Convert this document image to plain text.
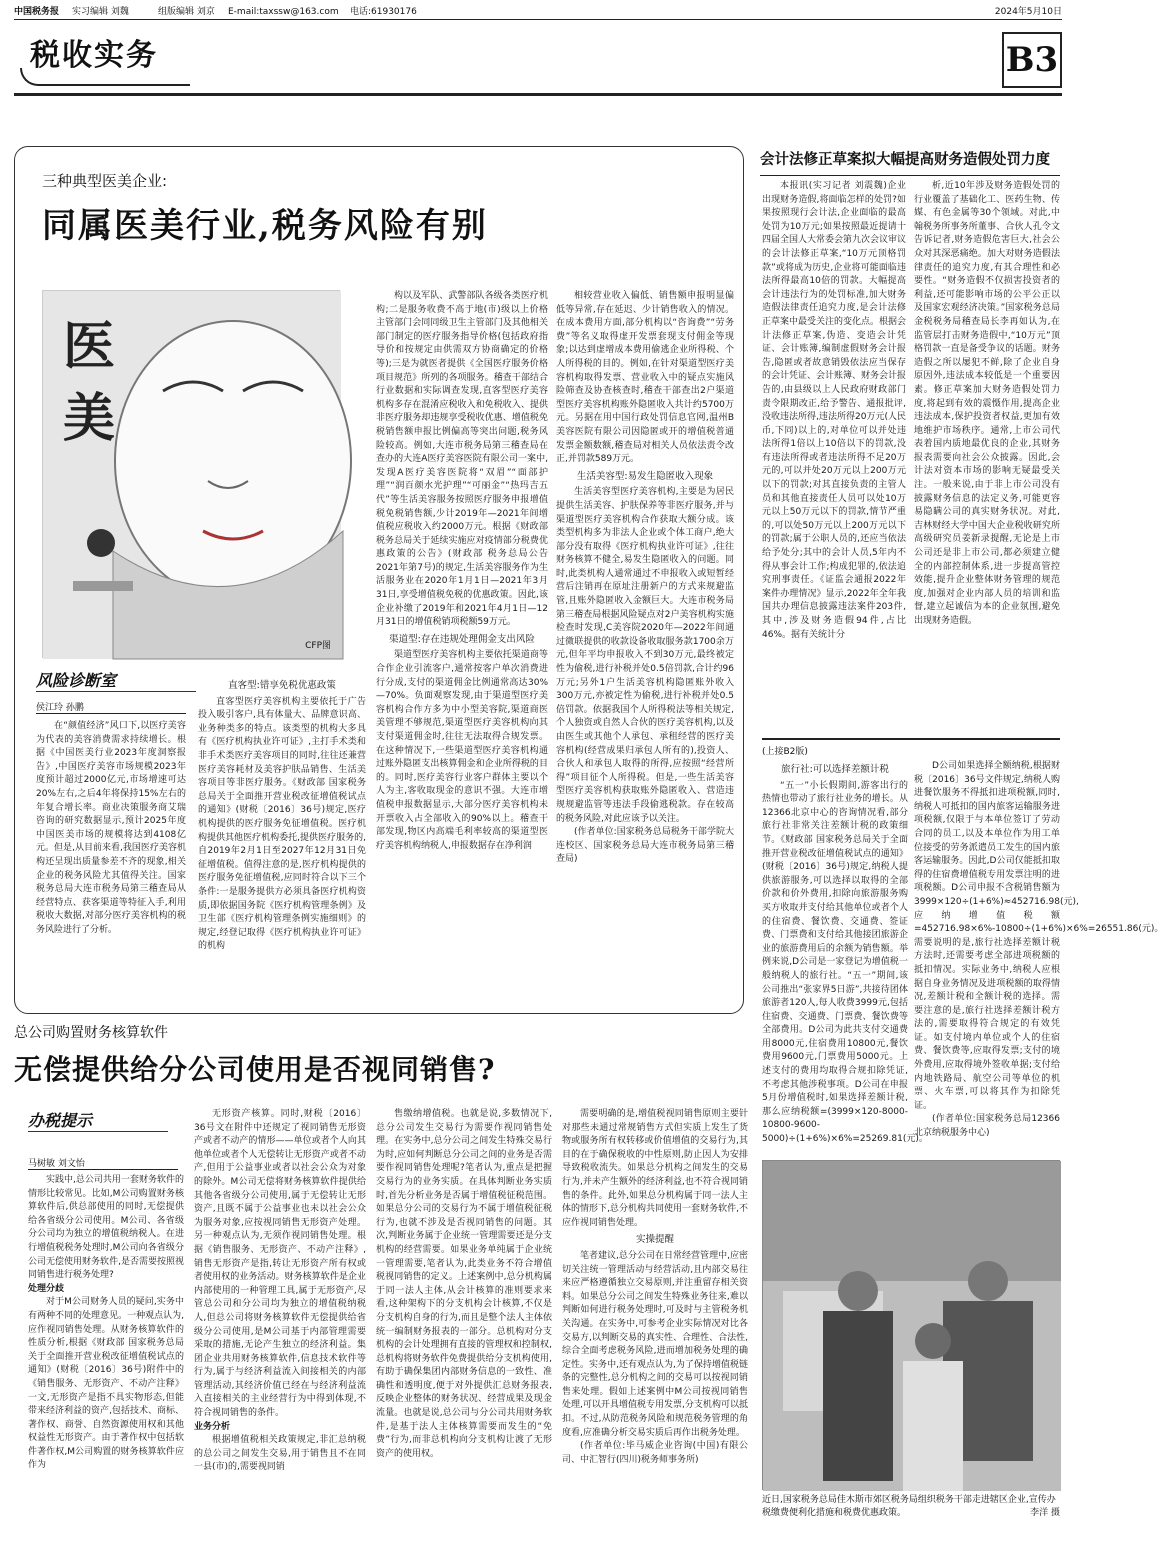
中国税务报 实习编辑 刘魏	组版编辑 刘京 E-mail:taxssw@163.com 电话:61930176	2024年5月10日
税收实务	B3
三种典型医美企业:
同属医美行业,税务风险有别
医美
CFP图
风险诊断室
侯江玲 孙鹏

在“颜值经济”风口下,以医疗美容为代表的美容消费需求持续增长。根据《中国医美行业2023年度洞察报告》,中国医疗美容市场规模2023年度预计超过2000亿元,市场增速可达20%左右,之后4年将保持15%左右的年复合增长率。商业决策服务商艾瑞咨询的研究数据显示,预计2025年度中国医美市场的规模将达到4108亿元。但是,从目前来看,我国医疗美容机构还呈现出质量参差不齐的现象,相关企业的税务风险尤其值得关注。国家税务总局大连市税务局第三稽查局从经营特点、获客渠道等特征入手,利用税收大数据,对部分医疗美容机构的税务风险进行了分析。

直客型:错享免税优惠政策

直客型医疗美容机构主要依托于广告投入吸引客户,具有体量大、品牌意识高、业务种类多的特点。该类型的机构大多具有《医疗机构执业许可证》,主打手术类和非手术类医疗美容项目的同时,往往还兼营医疗美容耗材及美容护肤品销售、生活美容项目等非医疗服务。《财政部 国家税务总局关于全面推开营业税改征增值税试点的通知》(财税〔2016〕36号)规定,医疗机构提供的医疗服务免征增值税。医疗机构提供其他医疗机构委托,提供医疗服务的,自2019年2月1日至2027年12月31日免征增值税。值得注意的是,医疗机构提供的医疗服务免征增值税,应同时符合以下三个条件:一是服务提供方必须具备医疗机构资质,即依据国务院《医疗机构管理条例》及卫生部《医疗机构管理条例实施细则》的规定,经登记取得《医疗机构执业许可证》的机构

构以及军队、武警部队各级各类医疗机构;二是服务收费不高于地(市)级以上价格主管部门会同同级卫生主管部门及其他相关部门制定的医疗服务指导价格(包括政府指导价和按规定由供需双方协商确定的价格等);三是为就医者提供《全国医疗服务价格项目规范》所列的各项服务。稽查干部结合行业数据和实际调查发现,直客型医疗美容机构多存在混淆应税收入和免税收入、提供非医疗服务却违规享受税收优惠、增值税免税销售额申报比例偏高等突出问题,税务风险较高。例如,大连市税务局第三稽查局在查办的大连A医疗美容医院有限公司一案中,发现A医疗美容医院将“双眉”“面部护理”“润百颜水光护理”“可丽金”“热玛吉五代”等生活美容服务按照医疗服务申报增值税免税销售额,少计2019年—2021年间增值税应税收入约2000万元。根据《财政部 税务总局关于延续实施应对疫情部分税费优惠政策的公告》(财政部 税务总局公告2021年第7号)的规定,生活美容服务作为生活服务业在2020年1月1日—2021年3月31日,享受增值税免税的优惠政策。因此,该企业补缴了2019年和2021年4月1日—12月31日的增值税销项税额59万元。

渠道型:存在违规处理佣金支出风险

渠道型医疗美容机构主要依托渠道商等合作企业引流客户,通常按客户单次消费进行分成,支付的渠道佣金比例通常高达30%—70%。负面观察发现,由于渠道型医疗美容机构合作方多为中小型美容院,渠道商医美管理不够规范,渠道型医疗美容机构向其支付渠道佣金时,往往无法取得合规发票。在这种情况下,一些渠道型医疗美容机构通过账外隐匿支出核算佣金和企业所得税的目的。同时,医疗美容行业客户群体主要以个人为主,客收取现金的意识不强。大连市增值税申报数据显示,大部分医疗美容机构未开票收入占全部收入的90%以上。稽查干部发现,物区内高端毛利率较高的渠道型医疗美容机构纳税人,申报数据存在净利润

相较营业收入偏低、销售额申报明显偏低等异常,存在延迟、少计销售收入的情况。在成本费用方面,部分机构以“咨询费”“劳务费”等名义取得虚开发票套现支付佣金等现象;以达到虚增成本费用偷逃企业所得税、个人所得税的目的。例如,在针对渠道型医疗美容机构取得发票、营业收入中的疑点实施风险筛查及协查核查时,稽查干部查出2户渠道型医疗美容机构账外隐匿收入共计约5700万元。另据在用中国行政处罚信息官网,温州B美容医院有限公司因隐匿或开的增值税普通发票金额数额,稽查局对相关人员依法责令改正,并罚款589万元。

生活美容型:易发生隐匿收入现象

生活美容型医疗美容机构,主要是为居民提供生活美容、护肤保养等非医疗服务,并与渠道型医疗美容机构合作获取大额分成。该类型机构多为非法人企业或个体工商户,绝大部分没有取得《医疗机构执业许可证》,往往财务核算不健全,易发生隐匿收入的问题。同时,此类机构人通常通过不申报收入或短暂经营后注销再在原址注册新户的方式来规避监管,且账外隐匿收入金额巨大。大连市税务局第三稽查局根据风险疑点对2户美容机构实施检查时发现,C美容院2020年—2022年间通过微联提供的收款设备收取服务款1700余万元,但年平均申报收入不到30万元,最终被定性为偷税,进行补税并处0.5倍罚款,合计约96万元;另外1户生活美容机构隐匿账外收入300万元,亦被定性为偷税,进行补税并处0.5倍罚款。依据我国个人所得税法等相关规定,个人独资或自然人合伙的医疗美容机构,以及由医生或其他个人承包、承租经营的医疗美容机构(经营成果归承包人所有的),投资人、合伙人和承包人取得的所得,应按照“经营所得”项目征个人所得税。但是,一些生活美容型医疗美容机构获取账外隐匿收入、营造违规规避监管等违法手段偷逃税款。存在较高的税务风险,对此应该予以关注。

(作者单位:国家税务总局税务干部学院大连校区、国家税务总局大连市税务局第三稽查局)

会计法修正草案拟大幅提高财务造假处罚力度

本报讯(实习记者 刘震魏)企业出现财务造假,将面临怎样的处罚?如果按照现行会计法,企业面临的最高处罚为10万元;如果按照最近提请十四届全国人大常委会第九次会议审议的会计法修正草案,“10万元顶格罚款”或将成为历史,企业将可能面临违法所得最高10倍的罚款。大幅提高会计违法行为的处罚标准,加大财务造假法律责任追究力度,是会计法修正草案中最受关注的变化点。根据会计法修正草案,伪造、变造会计凭证、会计账簿,编制虚假财务会计报告,隐匿或者故意销毁依法应当保存的会计凭证、会计账簿、财务会计报告的,由县级以上人民政府财政部门责令限期改正,给予警告、通报批评,没收违法所得,违法所得20万元(人民币,下同)以上的,对单位可以并处违法所得1倍以上10倍以下的罚款,没有违法所得或者违法所得不足20万元的,可以并处20万元以上200万元以下的罚款;对其直接负责的主管人员和其他直接责任人员可以处10万元以上50万元以下的罚款,情节严重的,可以处50万元以上200万元以下的罚款;属于公职人员的,还应当依法给予处分;其中的会计人员,5年内不得从事会计工作;构成犯罪的,依法追究刑事责任。《证监会通报2022年案件办理情况》显示,2022年全年我国共办理信息披露违法案件203件,其中,涉及财务造假94件,占比46%。据有关统计分

析,近10年涉及财务造假处罚的行业覆盖了基础化工、医药生物、传媒、有色金属等30个领域。对此,中翰税务所事务所董事、合伙人孔令文告诉记者,财务造假危害巨大,社会公众对其深恶痛绝。加大对财务造假法律责任的追究力度,有其合理性和必要性。“财务造假不仅损害投资者的利益,还可能影响市场的公平公正以及国家宏观经济决策。”国家税务总局金税税务局稽查局长李再如认为,在监管层打击财务造假中,“10万元”顶格罚款一直是备受争议的话题。财务造假之所以屡犯不鲜,除了企业自身原因外,违法成本较低是一个重要因素。修正草案加大财务造假处罚力度,将起到有效的震慑作用,提高企业违法成本,保护投资者权益,更加有效地维护市场秩序。通常,上市公司代表着国内质地最优良的企业,其财务报表需要向社会公众披露。因此,会计法对资本市场的影响无疑最受关注。一般来说,由于非上市公司没有披露财务信息的法定义务,可能更容易隐瞒公司的真实财务状况。对此,吉林财经大学中国大企业税收研究所高级研究员姜新录提醒,无论是上市公司还是非上市公司,都必须建立健全的内部控制体系,进一步提高管控效能,提升企业整体财务管理的规范度,加强对企业内部人员的培训和监督,建立起诚信为本的企业氛围,避免出现财务造假。

(上接B2版)

旅行社:可以选择差额计税

“五一”小长假期间,游客出行的热情也带动了旅行社业务的增长。从12366北京中心的咨询情况看,部分旅行社非常关注差额计税的政策细节。《财政部 国家税务总局关于全面推开营业税改征增值税试点的通知》(财税〔2016〕36号)规定,纳税人提供旅游服务,可以选择以取得的全部价款和价外费用,扣除向旅游服务购买方收取并支付给其他单位或者个人的住宿费、餐饮费、交通费、签证费、门票费和支付给其他接团旅游企业的旅游费用后的余额为销售额。举例来说,D公司是一家登记为增值税一般纳税人的旅行社。“五一”期间,该公司推出“张家界5日游”,共接待团体旅游者120人,每人收费3999元,包括住宿费、交通费、门票费、餐饮费等全部费用。D公司为此共支付交通费用8000元,住宿费用10800元,餐饮费用9600元,门票费用5000元。上述支付的费用均取得合规扣除凭证,不考虑其他涉税事项。D公司在申报5月份增值税时,如果选择差额计税,那么应纳税额=(3999×120-8000-10800-9600-5000)÷(1+6%)×6%=25269.81(元)。

D公司如果选择全额纳税,根据财税〔2016〕36号文件规定,纳税人购进餐饮服务不得抵扣进项税额,同时,纳税人可抵扣的国内旅客运输服务进项税额,仅限于与本单位签订了劳动合同的员工,以及本单位作为用工单位接受的劳务派遣员工发生的国内旅客运输服务。因此,D公司仅能抵扣取得的住宿费增值税专用发票注明的进项税额。D公司申报不含税销售额为3999×120÷(1+6%)≈452716.98(元),应纳增值税额=452716.98×6%-10800÷(1+6%)×6%=26551.86(元)。需要说明的是,旅行社选择差额计税方法时,还需要考虑全部进项税额的抵扣情况。实际业务中,纳税人应根据自身业务情况及进项税额的取得情况,差额计税和全额计税的选择。需要注意的是,旅行社选择差额计税方法的,需要取得符合规定的有效凭证。如支付境内单位或个人的住宿费、餐饮费等,应取得发票;支付的境外费用,应取得境外签收单据;支付给内地铁路局、航空公司等单位的机票、火车票,可以将其作为扣除凭证。

(作者单位:国家税务总局12366北京纳税服务中心)

总公司购置财务核算软件
无偿提供给分公司使用是否视同销售?
办税提示
马树敏 刘文怡

实践中,总公司共用一套财务软件的情形比较常见。比如,M公司购置财务核算软件后,供总部使用的同时,无偿提供给各省级分公司使用。M公司、各省级分公司均为独立的增值税纳税人。在进行增值税税务处理时,M公司向各省级分公司无偿使用财务软件,是否需要按照视同销售进行税务处理?

处理分歧

对于M公司财务人员的疑问,实务中有两种不同的处理意见。一种观点认为,应作视同销售处理。从财务核算软件的性质分析,根据《财政部 国家税务总局关于全面推开营业税改征增值税试点的通知》(财税〔2016〕36号)附件中的《销售服务、无形资产、不动产注释》一文,无形资产是指不具实物形态,但能带来经济利益的资产,包括技术、商标、著作权、商誉、自然资源使用权和其他权益性无形资产。由于著作权中包括软件著作权,M公司购置的财务核算软件应作为

无形资产核算。同时,财税〔2016〕36号文在附件中还规定了视同销售无形资产或者不动产的情形——单位或者个人向其他单位或者个人无偿转让无形资产或者不动产,但用于公益事业或者以社会公众为对象的除外。M公司无偿将财务核算软件提供给其他各省级分公司使用,属于无偿转让无形资产,且既不属于公益事业也未以社会公众为服务对象,应按视同销售无形资产处理。另一种观点认为,无须作视同销售处理。根据《销售服务、无形资产、不动产注释》,销售无形资产是指,转让无形资产所有权或者使用权的业务活动。财务核算软件是企业内部使用的一种管理工具,属于无形资产,尽管总公司和分公司均为独立的增值税纳税人,但总公司将财务核算软件无偿提供给省级分公司使用,是M公司基于内部管理需要采取的措施,无论产生独立的经济利益。集团企业共用财务核算软件,信息技术软件等行为,属于与经济利益流入间接相关的内部管理活动,其经济价值已经在与经济利益流入直接相关的主业经营行为中得到体现,不符合视同销售的条件。

业务分析

根据增值税相关政策规定,非汇总纳税的总公司之间发生交易,用于销售且不在同一县(市)的,需要视同销

售缴纳增值税。也就是说,多数情况下,总分公司发生交易行为需要作视同销售处理。在实务中,总分公司之间发生特殊交易行为时,应如何判断总分公司之间的业务是否需要作视同销售处理呢?笔者认为,重点是把握交易行为的业务实质。在具体判断业务实质时,首先分析业务是否属于增值税征税范围。如果总分公司的交易行为不属于增值税征税行为,也就不涉及是否视同销售的问题。其次,判断业务属于企业统一管理需要还是分支机构的经营需要。如果业务单纯属于企业统一管理需要,笔者认为,此类业务不符合增值税视同销售的定义。上述案例中,总分机构属于同一法人主体,从会计核算的准则要求来看,这种架构下的分支机构会计核算,不仅是分支机构自身的行为,而且是整个法人主体依统一编制财务报表的一部分。总机构对分支机构的会计处理拥有直接的管理权和控制权,总机构将财务软件免费提供给分支机构使用,有助于确保集团内部财务信息的一致性、准确性和透明度,便于对外提供汇总财务报表,反映企业整体的财务状况、经营成果及现金流量。也就是说,总公司与分公司共用财务软件,是基于法人主体核算需要而发生的“免费”行为,而非总机构向分支机构让渡了无形资产的使用权。

需要明确的是,增值税视同销售原则主要针对那些未通过常规销售方式但实质上发生了货物或服务所有权转移或价值增值的交易行为,其目的在于确保税收的中性原则,防止因人为安排导致税收流失。如果总分机构之间发生的交易行为,并未产生额外的经济利益,也不符合视同销售的条件。此外,如果总分机构属于同一法人主体的情形下,总分机构共同使用一套财务软件,不应作视同销售处理。

实操提醒

笔者建议,总分公司在日常经营管理中,应密切关注统一管理活动与经营活动,且内部交易往来应严格遵循独立交易原则,并注重留存相关资料。如果总分公司之间发生特殊业务往来,难以判断如何进行税务处理时,可及时与主管税务机关沟通。在实务中,可参考企业实际情况对比各交易方,以判断交易的真实性、合理性、合法性,综合全面考虑税务风险,进而增加税务处理的确定性。实务中,还有观点认为,为了保持增值税链条的完整性,总分机构之间的交易可以按视同销售来处理。假如上述案例中M公司按视同销售处理,可以开具增值税专用发票,分支机构可以抵扣。不过,从防范税务风险和规范税务管理的角度看,应准确分析交易实质后再作出税务处理。

(作者单位:毕马威企业咨询(中国)有限公司、中汇智行(四川)税务师事务所)

近日,国家税务总局佳木斯市郊区税务局组织税务干部走进辖区企业,宣传办税缴费便利化措施和税费优惠政策。	李洋 摄
